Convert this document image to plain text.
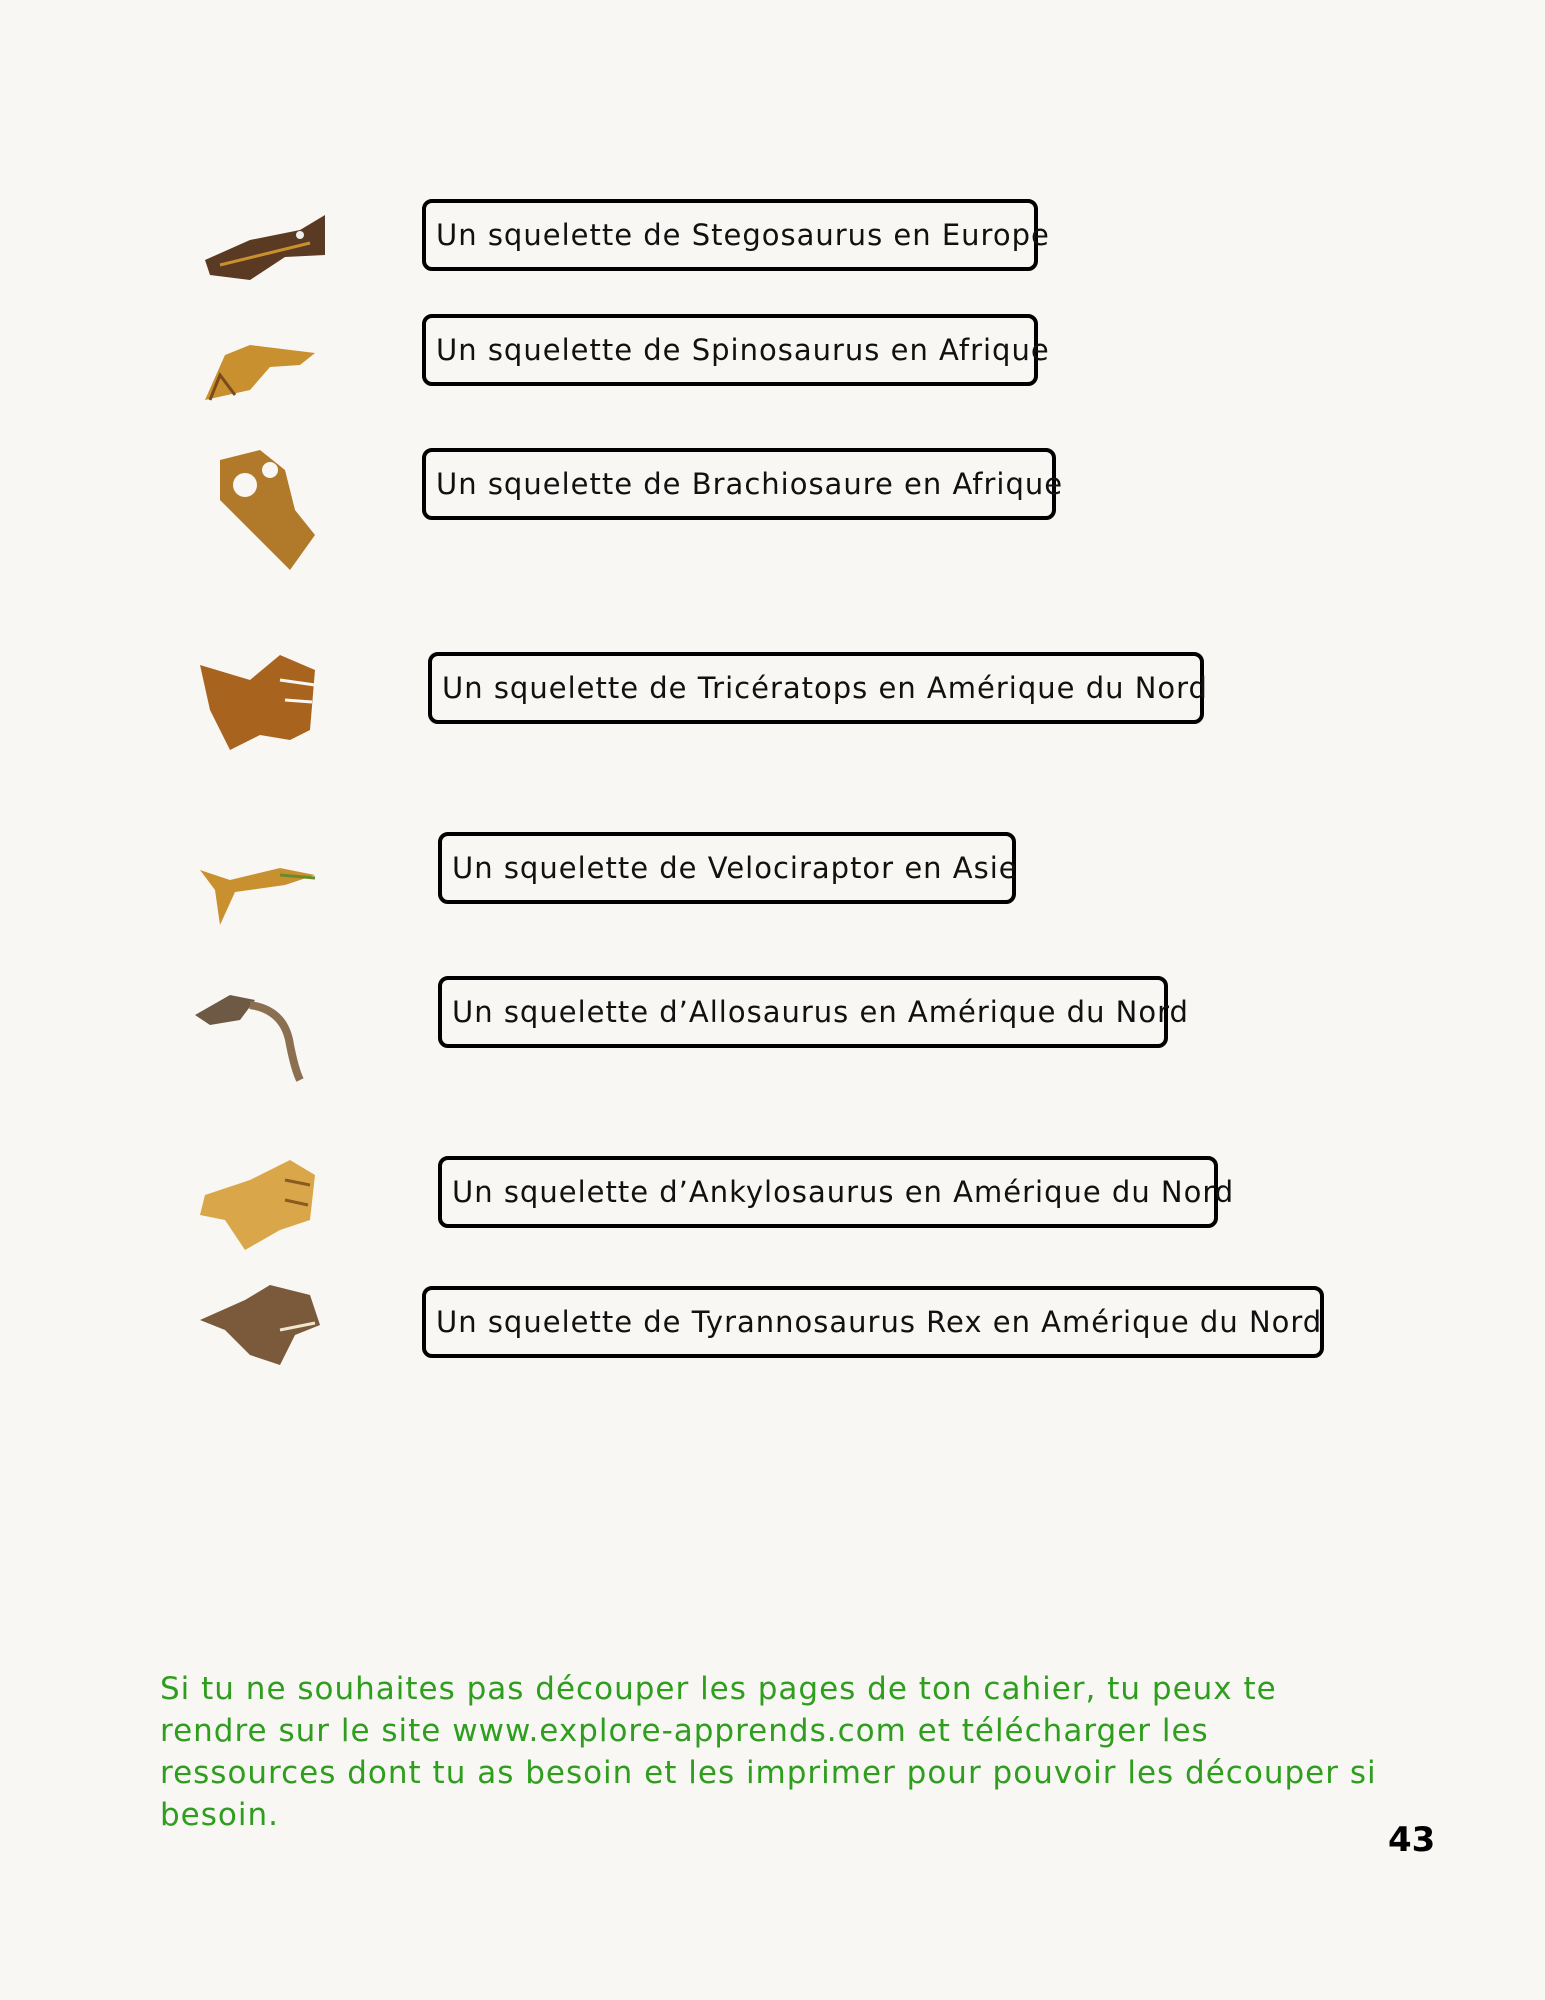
Un squelette de Stegosaurus en Europe
Un squelette de Spinosaurus en Afrique
Un squelette de Brachiosaure en Afrique
Un squelette de Tricératops en Amérique du Nord
Un squelette de Velociraptor en Asie
Un squelette d’Allosaurus en Amérique du Nord
Un squelette d’Ankylosaurus en Amérique du Nord
Un squelette de Tyrannosaurus Rex en Amérique du Nord
Si tu ne souhaites pas découper les pages de ton cahier, tu peux te rendre sur le site www.explore-apprends.com et télécharger les ressources dont tu as besoin et les imprimer pour pouvoir les découper si besoin.
43
